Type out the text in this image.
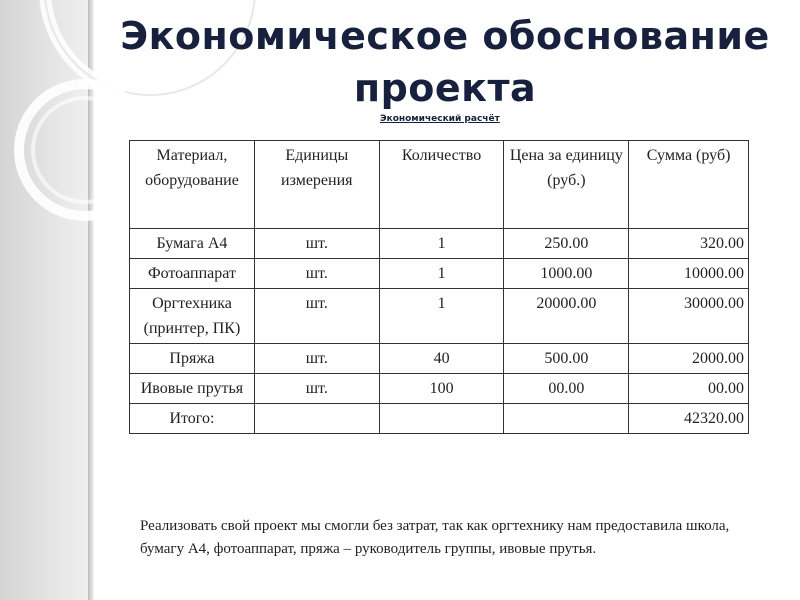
Экономическое обоснование
проекта
Экономический расчёт
Материал, оборудование	Единицы измерения	Количество	Цена за единицу (руб.)	Сумма (руб)
Бумага А4	шт.	1	250.00	320.00
Фотоаппарат	шт.	1	1000.00	10000.00
Оргтехника (принтер, ПК)	шт.	1	20000.00	30000.00
Пряжа	шт.	40	500.00	2000.00
Ивовые прутья	шт.	100	00.00	00.00
Итого:				42320.00

Реализовать свой проект мы смогли без затрат, так как оргтехнику нам предоставила школа, бумагу А4, фотоаппарат, пряжа – руководитель группы, ивовые прутья.
